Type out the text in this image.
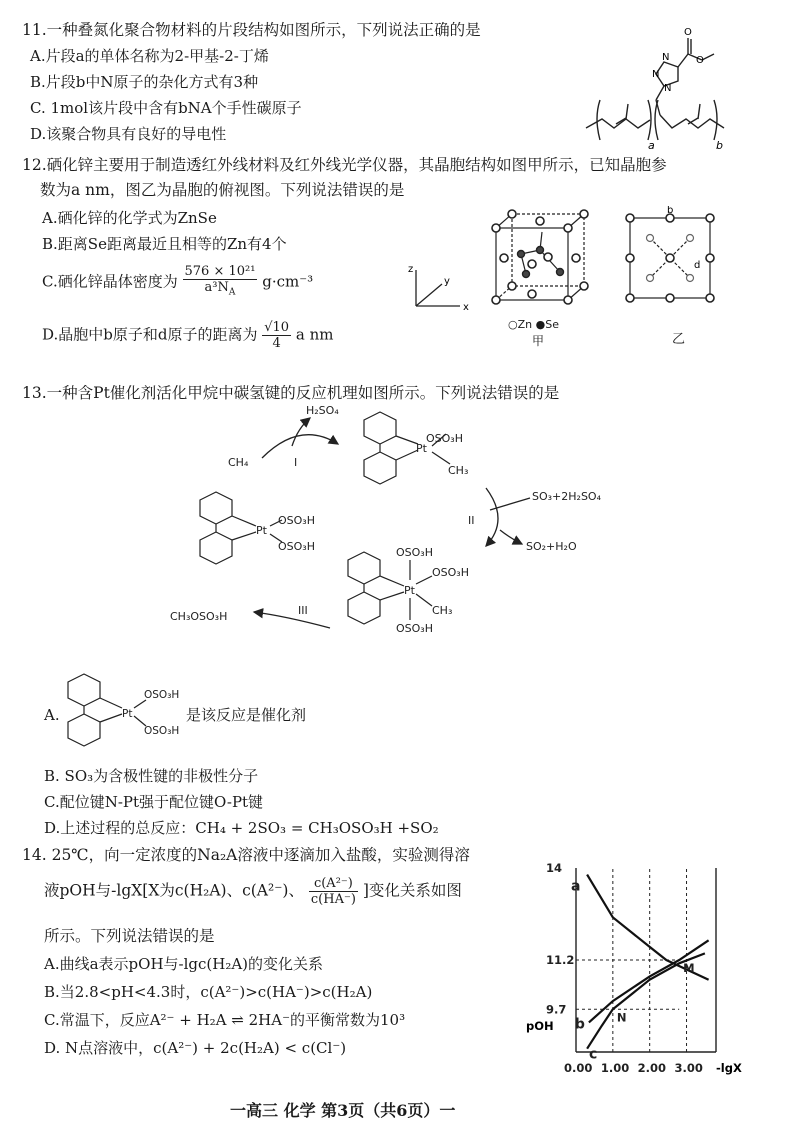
11.一种叠氮化聚合物材料的片段结构如图所示，下列说法正确的是
A.片段a的单体名称为2-甲基-2-丁烯
B.片段b中N原子的杂化方式有3种
C. 1mol该片段中含有bNA个手性碳原子
D.该聚合物具有良好的导电性
N
N
N
O
O
a	b
12.硒化锌主要用于制造透红外线材料及红外线光学仪器，其晶胞结构如图甲所示，已知晶胞参
数为a nm，图乙为晶胞的俯视图。下列说法错误的是
A.硒化锌的化学式为ZnSe
B.距离Se距离最近且相等的Zn有4个
C.硒化锌晶体密度为 $\frac{\text{576 × 10²¹}}{a^3N_A} g\cdot cm^{-3}$
D.晶胞中b原子和d原子的距离为 $\frac{√10}{4}$ a nm
z
x
y
○Zn ●Se
甲
b
d
乙
13.一种含Pt催化剂活化甲烷中碳氢键的反应机理如图所示。下列说法错误的是
H₂SO₄
CH₄	I
OSO₃H
Pt
CH₃
SO₃+2H₂SO₄
II
SO₂+H₂O
OSO₃H
Pt
OSO₃H	OSO₃H
OSO₃H
Pt
CH₃
OSO₃H
III
CH₃OSO₃H
Pt
OSO₃H
OSO₃H
A.	是该反应是催化剂
B. SO₃为含极性键的非极性分子
C.配位键N-Pt强于配位键O-Pt键
D.上述过程的总反应：CH₄ + 2SO₃ = CH₃OSO₃H +SO₂
14. 25℃，向一定浓度的Na₂A溶液中逐滴加入盐酸，实验测得溶
液pOH与-lgX[X为c(H₂A)、c(A²⁻)、 $\frac{\text{c(A²⁻)}}{c(HA^-)}$ ]变化关系如图
所示。下列说法错误的是
A.曲线a表示pOH与-lgc(H₂A)的变化关系
B.当2.8<pH<4.3时，c(A²⁻)>c(HA⁻)>c(H₂A)
C.常温下，反应A²⁻ + H₂A ⇌ 2HA⁻的平衡常数为10³
D. N点溶液中，c(A²⁻) + 2c(H₂A) < c(Cl⁻)
9.7
11.2
14
0.00 1.00 2.00 3.00
a
b
c
N
M
pOH
-lgX
一高三 化学 第3页（共6页）一
